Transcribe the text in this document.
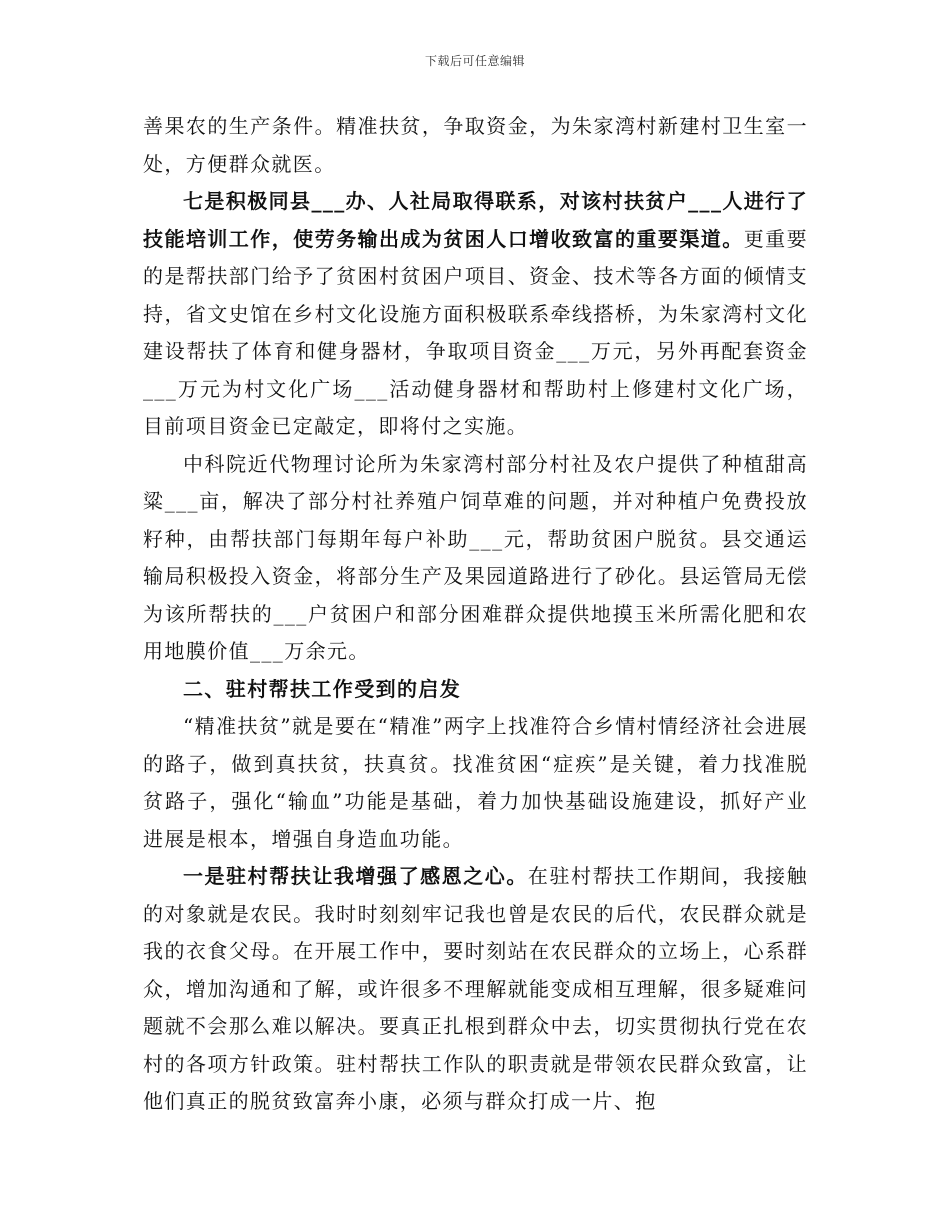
下载后可任意编辑

善果农的生产条件。精准扶贫，争取资金，为朱家湾村新建村卫生室一处，方便群众就医。

七是积极同县___办、人社局取得联系，对该村扶贫户___人进行了技能培训工作，使劳务输出成为贫困人口增收致富的重要渠道。更重要的是帮扶部门给予了贫困村贫困户项目、资金、技术等各方面的倾情支持，省文史馆在乡村文化设施方面积极联系牵线搭桥，为朱家湾村文化建设帮扶了体育和健身器材，争取项目资金___万元，另外再配套资金___万元为村文化广场___活动健身器材和帮助村上修建村文化广场，目前项目资金已定敲定，即将付之实施。

中科院近代物理讨论所为朱家湾村部分村社及农户提供了种植甜高粱___亩，解决了部分村社养殖户饲草难的问题，并对种植户免费投放籽种，由帮扶部门每期年每户补助___元，帮助贫困户脱贫。县交通运输局积极投入资金，将部分生产及果园道路进行了砂化。县运管局无偿为该所帮扶的___户贫困户和部分困难群众提供地摸玉米所需化肥和农用地膜价值___万余元。

二、驻村帮扶工作受到的启发

“精准扶贫”就是要在“精准”两字上找准符合乡情村情经济社会进展的路子，做到真扶贫，扶真贫。找准贫困“症疾”是关键，着力找准脱贫路子，强化“输血”功能是基础，着力加快基础设施建设，抓好产业进展是根本，增强自身造血功能。

一是驻村帮扶让我增强了感恩之心。在驻村帮扶工作期间，我接触的对象就是农民。我时时刻刻牢记我也曾是农民的后代，农民群众就是我的衣食父母。在开展工作中，要时刻站在农民群众的立场上，心系群众，增加沟通和了解，或许很多不理解就能变成相互理解，很多疑难问题就不会那么难以解决。要真正扎根到群众中去，切实贯彻执行党在农村的各项方针政策。驻村帮扶工作队的职责就是带领农民群众致富，让他们真正的脱贫致富奔小康，必须与群众打成一片、抱
